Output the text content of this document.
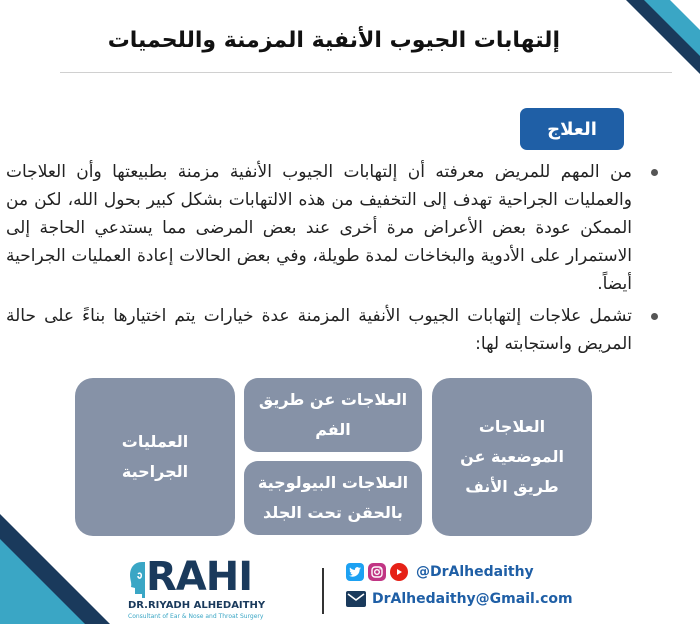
إلتهابات الجيوب الأنفية المزمنة واللحميات
العلاج
من المهم للمريض معرفته أن إلتهابات الجيوب الأنفية مزمنة بطبيعتها وأن العلاجات والعمليات الجراحية تهدف إلى التخفيف من هذه الالتهابات بشكل كبير بحول الله، لكن من الممكن عودة بعض الأعراض مرة أخرى عند بعض المرضى مما يستدعي الحاجة إلى الاستمرار على الأدوية والبخاخات لمدة طويلة، وفي بعض الحالات إعادة العمليات الجراحية أيضاً.
تشمل علاجات إلتهابات الجيوب الأنفية المزمنة عدة خيارات يتم اختيارها بناءً على حالة المريض واستجابته لها:
العلاجات
الموضعية عن
طريق الأنف
العلاجات عن طريق
الفم
العلاجات البيولوجية
بالحقن تحت الجلد
العمليات
الجراحية
RAHI
DR.RIYADH ALHEDAITHY
Consultant of Ear & Nose and Throat Surgery
@DrAlhedaithy
DrAlhedaithy@Gmail.com
